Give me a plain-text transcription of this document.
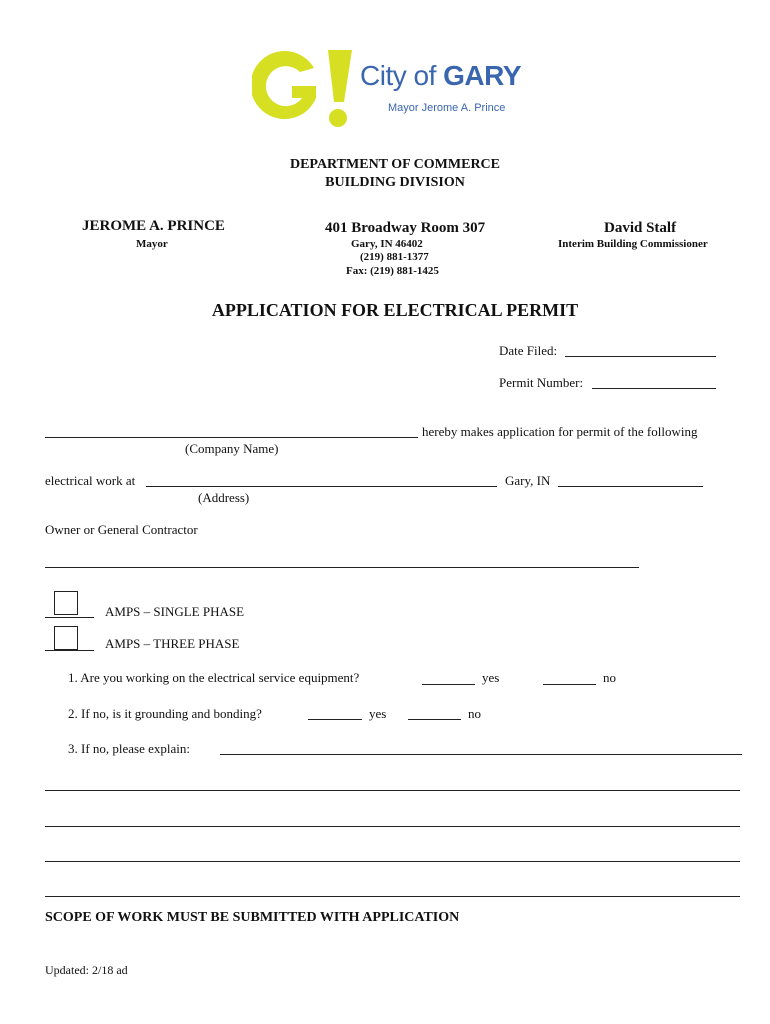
City of GARY
Mayor Jerome A. Prince
DEPARTMENT OF COMMERCE
BUILDING DIVISION
JEROME A. PRINCE
Mayor
401 Broadway Room 307
Gary, IN 46402
(219) 881-1377
Fax: (219) 881-1425
David Stalf
Interim Building Commissioner
APPLICATION FOR ELECTRICAL PERMIT
Date Filed:
Permit Number:
hereby makes application for permit of the following
(Company Name)
electrical work at	Gary, IN
(Address)
Owner or General Contractor
AMPS – SINGLE PHASE
AMPS – THREE PHASE
1. Are you working on the electrical service equipment?	yes	no
2. If no, is it grounding and bonding?	yes	no
3. If no, please explain:
SCOPE OF WORK MUST BE SUBMITTED WITH APPLICATION
Updated: 2/18 ad
